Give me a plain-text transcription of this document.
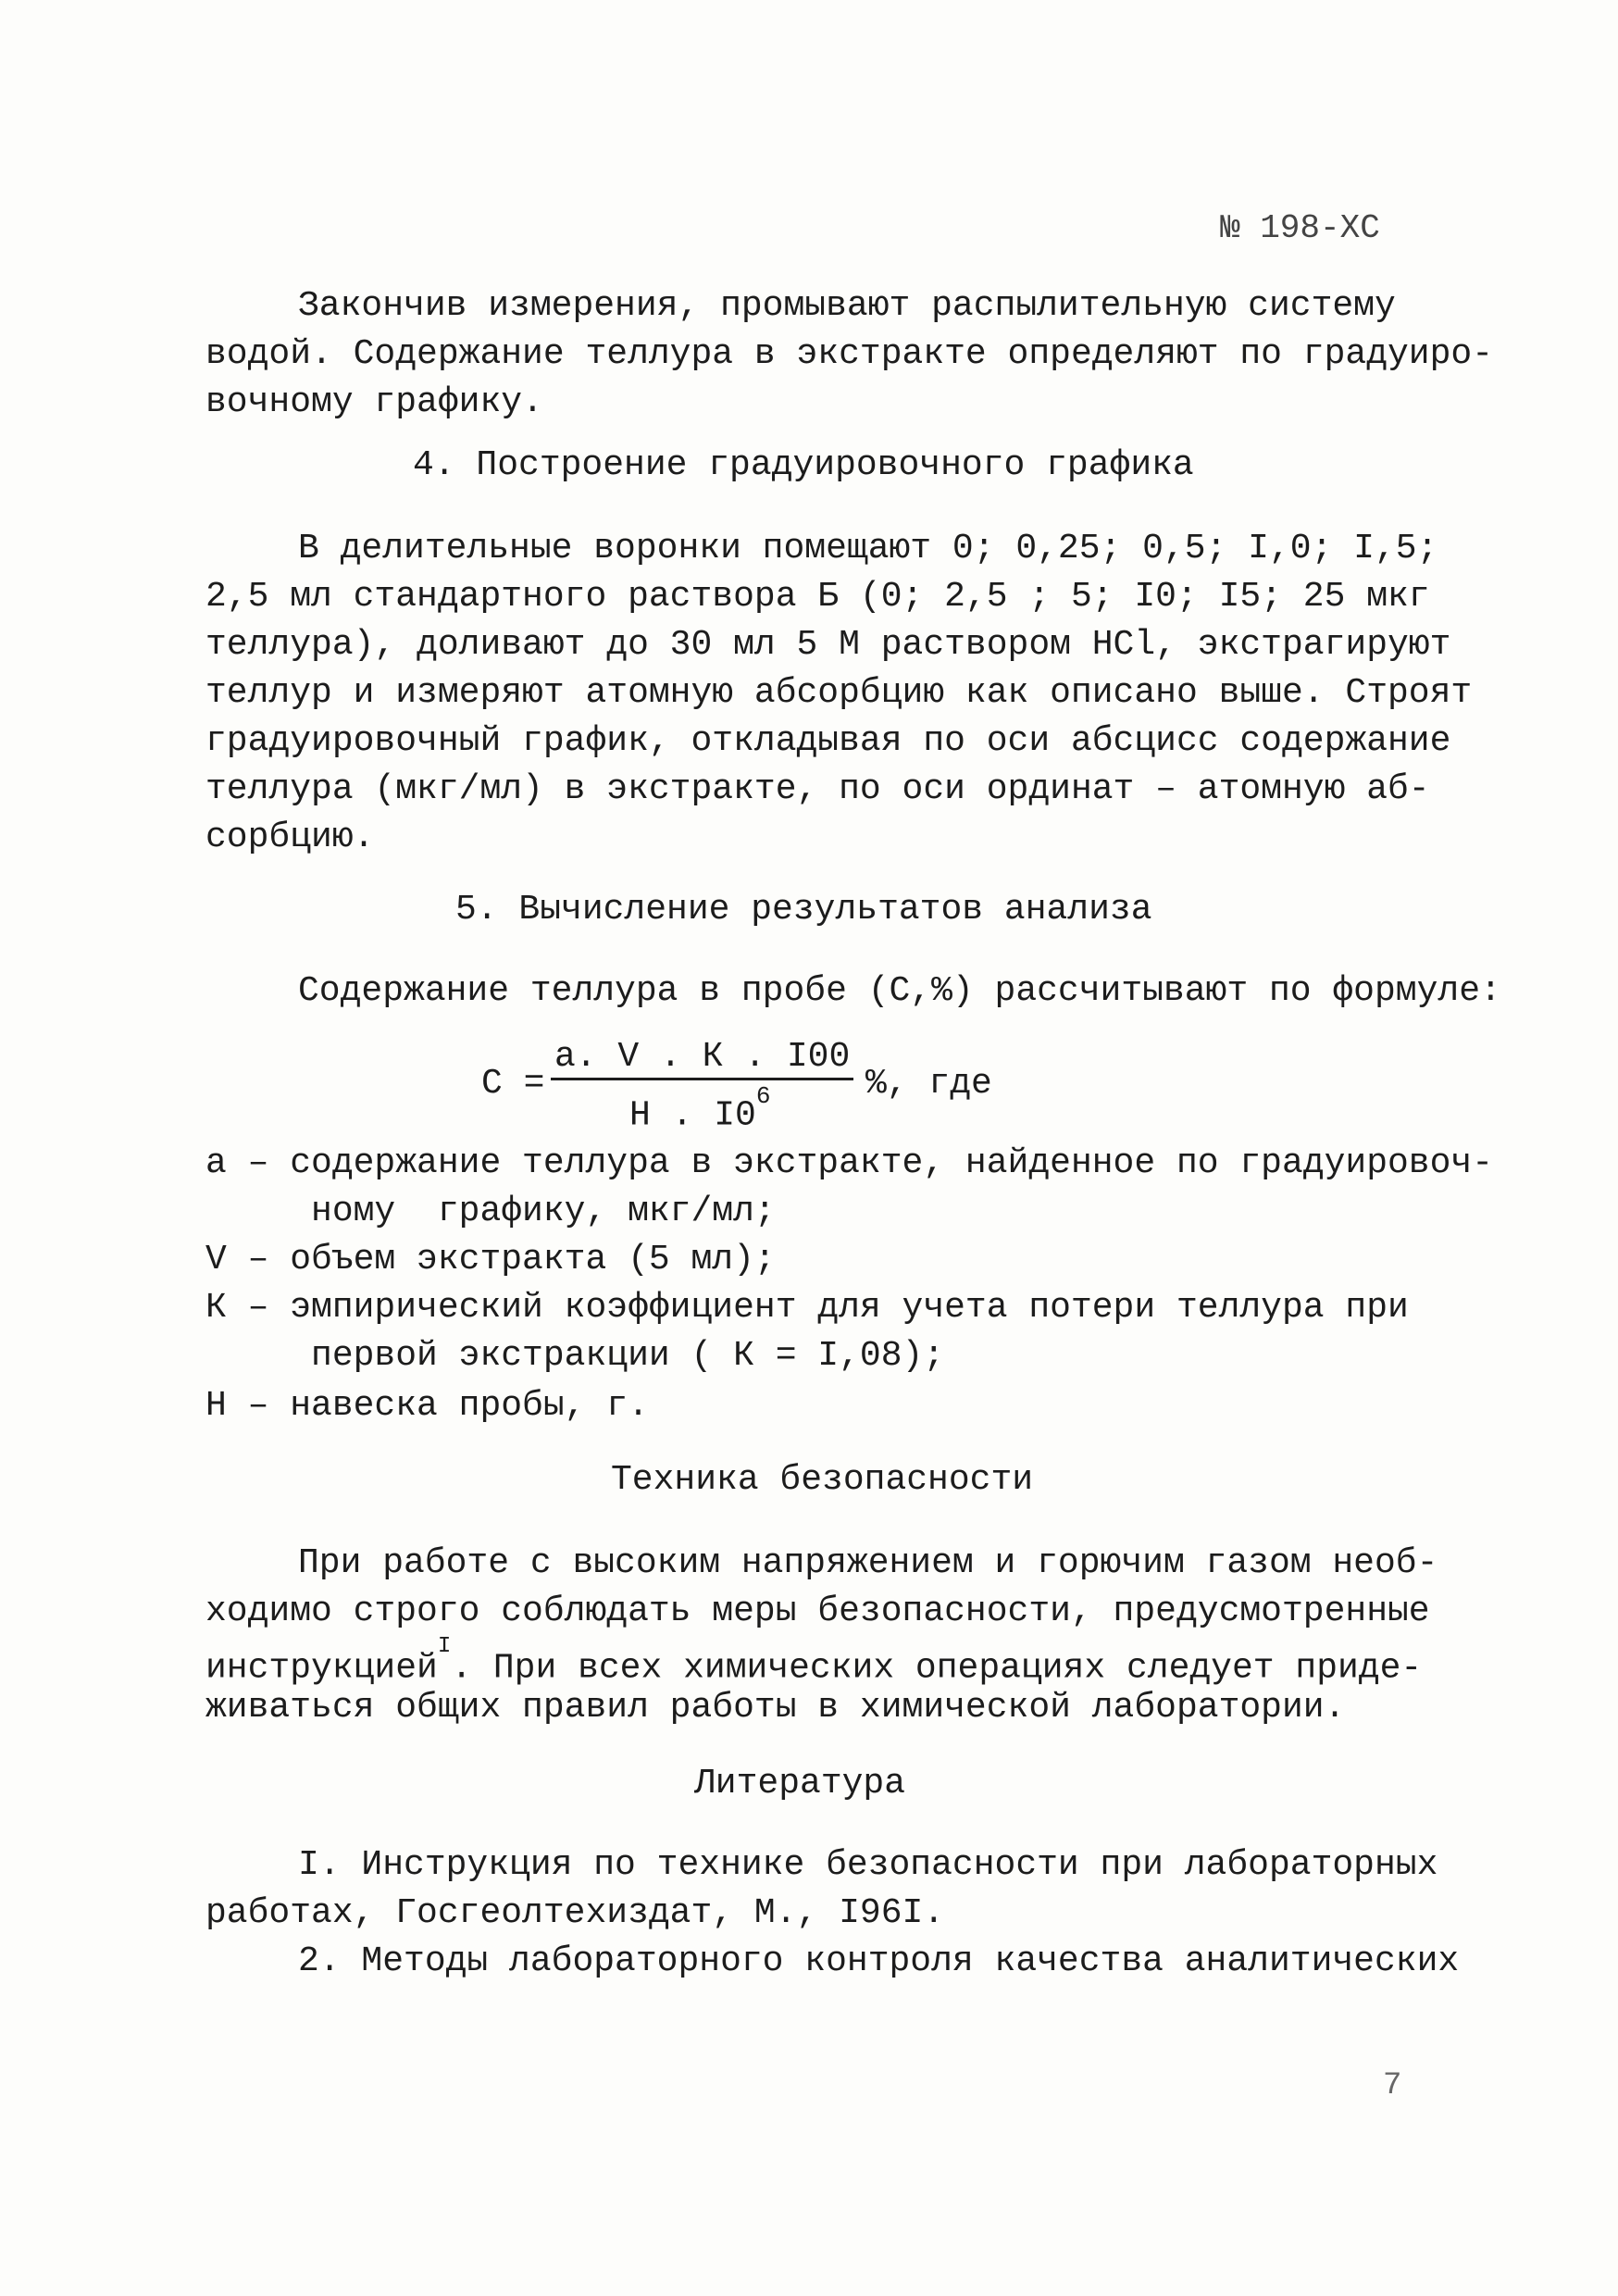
№ 198-ХС
Закончив измерения, промывают распылительную систему
водой. Содержание теллура в экстракте определяют по градуиро-
вочному графику.
4. Построение градуировочного графика
В делительные воронки помещают 0; 0,25; 0,5; I,0; I,5;
2,5 мл стандартного раствора Б (0; 2,5 ; 5; I0; I5; 25 мкг
теллура), доливают до 30 мл 5 М раствором HCl, экстрагируют
теллур и измеряют атомную абсорбцию как описано выше. Строят
градуировочный график, откладывая по оси абсцисс содержание
теллура (мкг/мл) в экстракте, по оси ординат – атомную аб-
сорбцию.
5. Вычисление результатов анализа
Содержание теллура в пробе (С,%) рассчитывают по формуле:
С =
а. V . К . I00
Н . $I0^6$	%, где
а – содержание теллура в экстракте, найденное по градуировоч-
ному  графику, мкг/мл;
V – объем экстракта (5 мл);
К – эмпирический коэффициент для учета потери теллура при
первой экстракции ( К = I,08);
Н – навеска пробы, г.
Техника безопасности
При работе с высоким напряжением и горючим газом необ-
ходимо строго соблюдать меры безопасности, предусмотренные
инструкцией$^I$. При всех химических операциях следует приде-
живаться общих правил работы в химической лаборатории.
Литература
I. Инструкция по технике безопасности при лабораторных
работах, Госгеолтехиздат, М., I96I.
2. Методы лабораторного контроля качества аналитических
7
